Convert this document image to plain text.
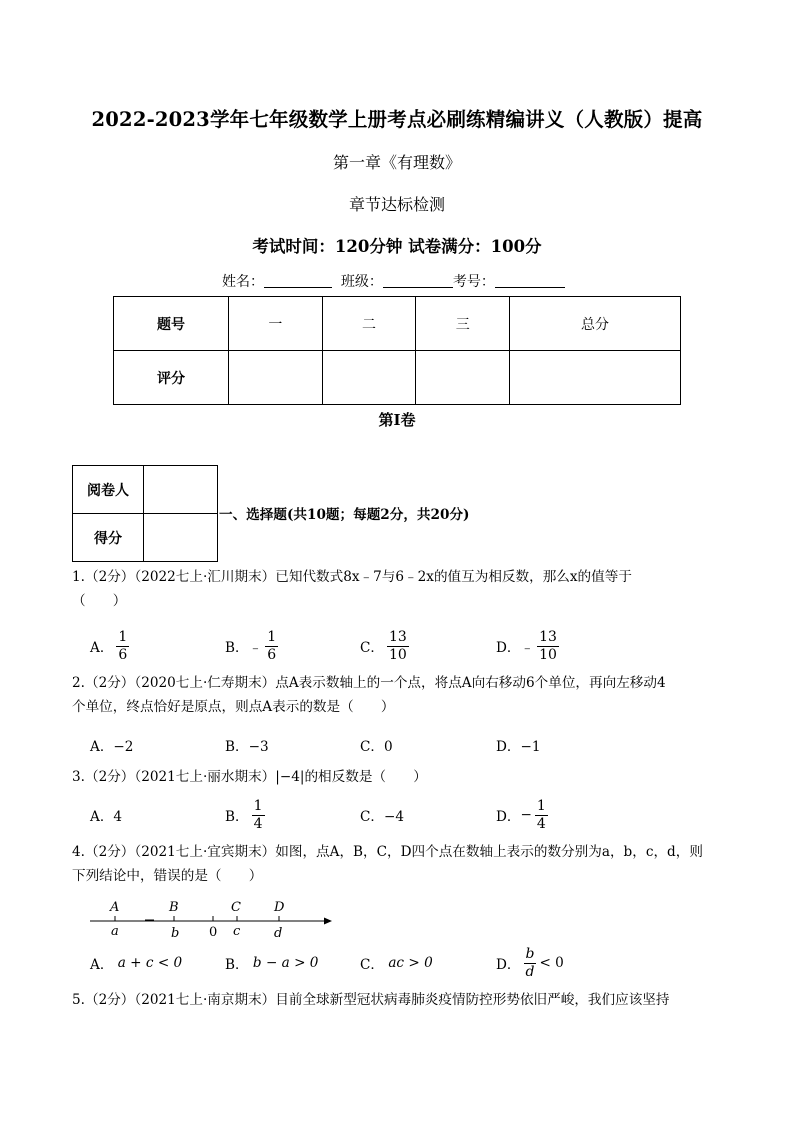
2022-2023学年七年级数学上册考点必刷练精编讲义（人教版）提高
第一章《有理数》
章节达标检测
考试时间：120分钟 试卷满分：100分
姓名：	班级：	考号：
题号	一	二	三	总分
评分				
第Ⅰ卷
阅卷人	
得分	
一、选择题(共10题；每题2分，共20分)
1.（2分）（2022七上·汇川期末）已知代数式8x﹣7与6﹣2x的值互为相反数，那么x的值等于
（　　）
A． $\frac{1}{6}$	B． ﹣ $\frac{1}{6}$	C． $\frac{13}{10}$	D． ﹣ $\frac{13}{10}$
2.（2分）（2020七上·仁寿期末）点A表示数轴上的一个点，将点A向右移动6个单位，再向左移动4
个单位，终点恰好是原点，则点A表示的数是（　　）
A．−2	B．−3	C．0	D．−1
3.（2分）（2021七上·丽水期末）|−4|的相反数是（　　）
A．4	B． $\frac{1}{4}$	C．−4	D． − $\frac{1}{4}$
4.（2分）（2021七上·宜宾期末）如图，点A，B，C，D四个点在数轴上表示的数分别为a，b，c，d，则
下列结论中，错误的是（　　）
A
a
B
b 0
C
c
D
d
A．
a + c < 0	B．
b − a > 0	C．
ac > 0	D． $\frac{b}{d} < 0$
5.（2分）（2021七上·南京期末）目前全球新型冠状病毒肺炎疫情防控形势依旧严峻，我们应该坚持
